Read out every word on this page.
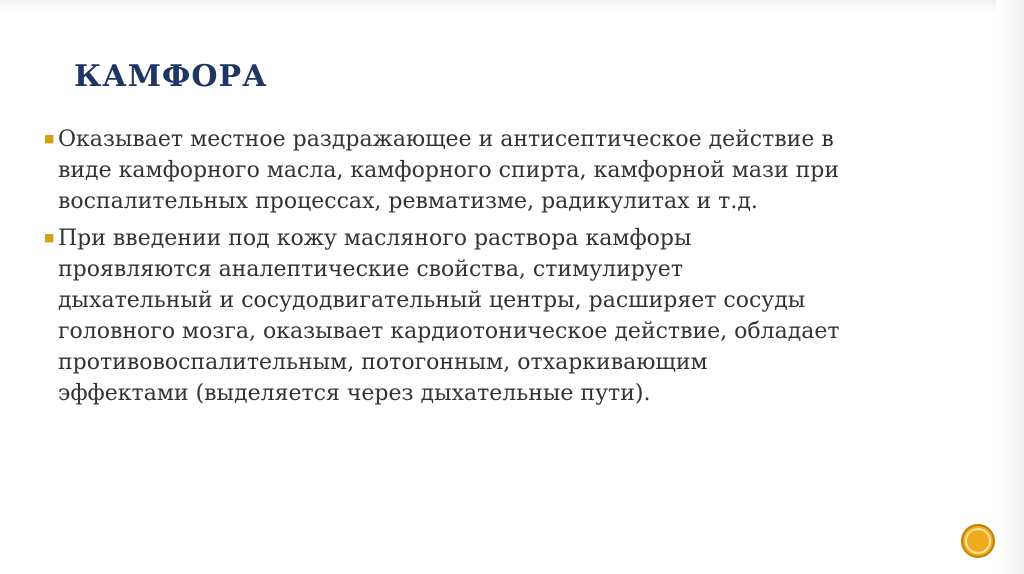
КАМФОРА
■ Оказывает местное раздражающее и антисептическое действие в
виде камфорного масла, камфорного спирта, камфорной мази при
воспалительных процессах, ревматизме, радикулитах и т.д.
■ При введении под кожу масляного раствора камфоры
проявляются аналептические свойства, стимулирует
дыхательный и сосудодвигательный центры, расширяет сосуды
головного мозга, оказывает кардиотоническое действие, обладает
противовоспалительным, потогонным, отхаркивающим
эффектами (выделяется через дыхательные пути).
